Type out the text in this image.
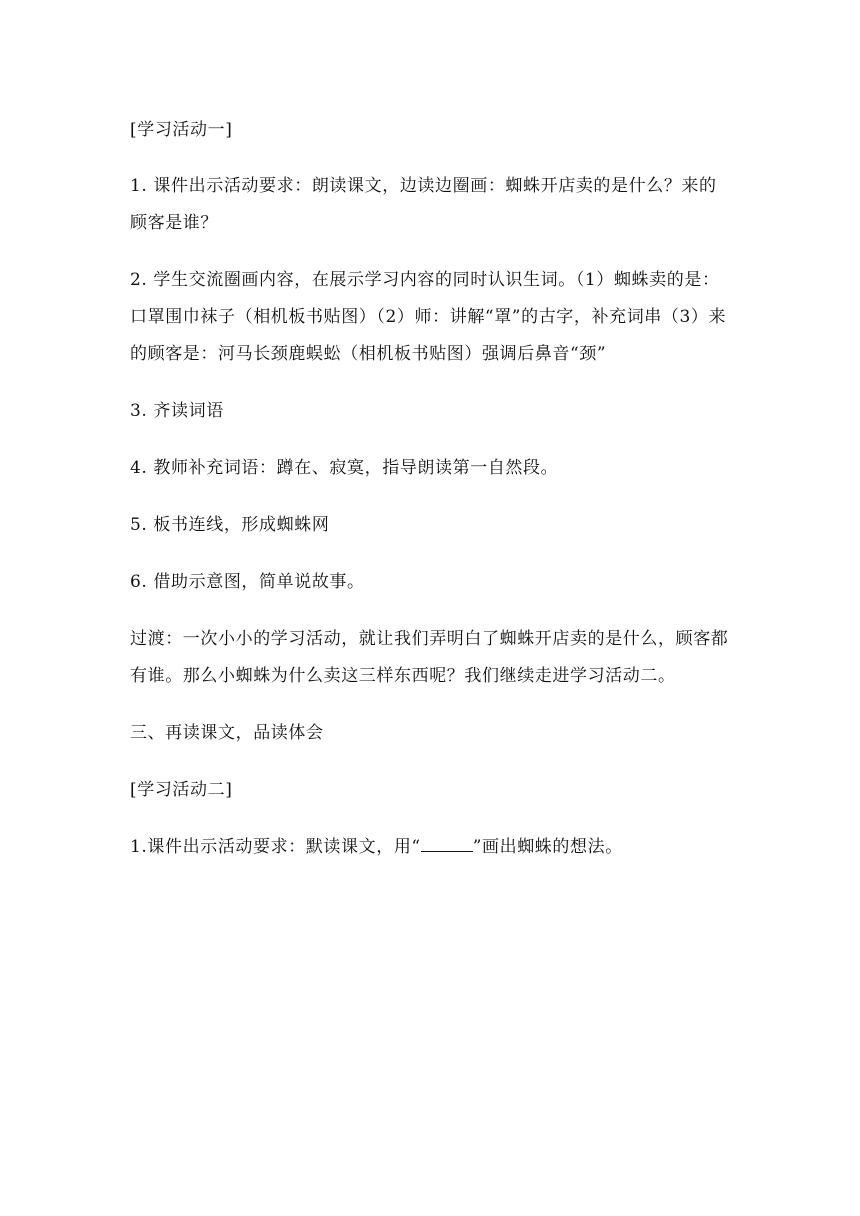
[学习活动一]

1. 课件出示活动要求：朗读课文，边读边圈画：蜘蛛开店卖的是什么？来的顾客是谁？

2. 学生交流圈画内容，在展示学习内容的同时认识生词。（1）蜘蛛卖的是：口罩围巾袜子（相机板书贴图）（2）师：讲解“罩”的古字，补充词串（3）来的顾客是：河马长颈鹿蜈蚣（相机板书贴图）强调后鼻音“颈”

3. 齐读词语

4. 教师补充词语：蹲在、寂寞，指导朗读第一自然段。

5. 板书连线，形成蜘蛛网

6. 借助示意图，简单说故事。

过渡：一次小小的学习活动，就让我们弄明白了蜘蛛开店卖的是什么，顾客都有谁。那么小蜘蛛为什么卖这三样东西呢？我们继续走进学习活动二。

三、再读课文，品读体会

[学习活动二]

1.课件出示活动要求：默读课文，用“	”画出蜘蛛的想法。
